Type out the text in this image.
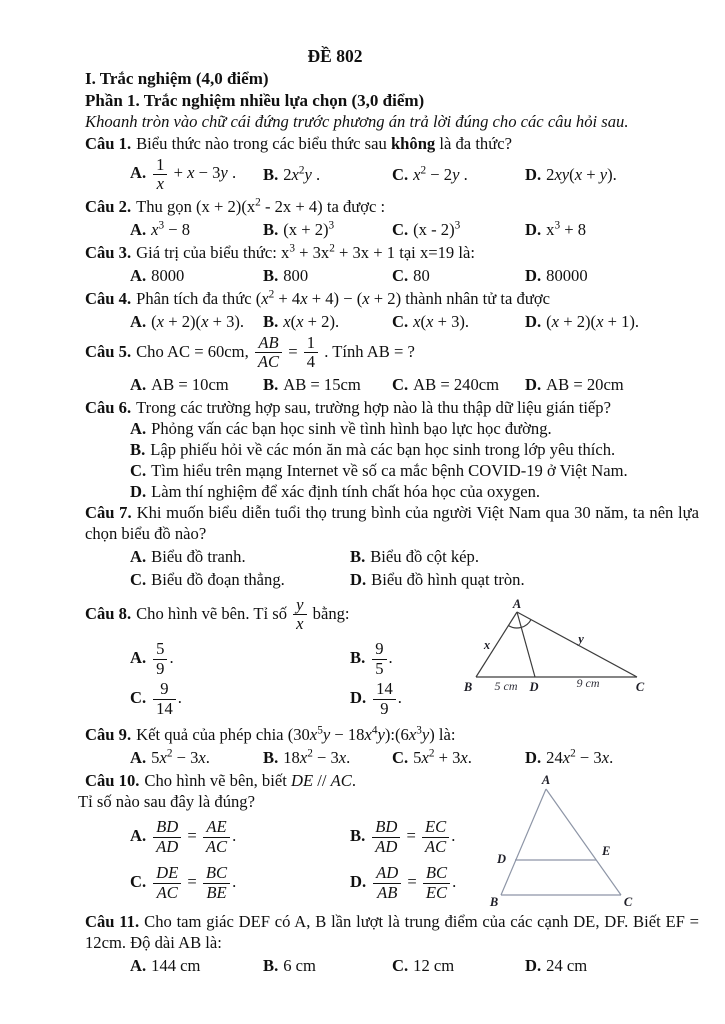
ĐỀ 802
I. Trắc nghiệm (4,0 điểm)
Phần 1. Trắc nghiệm nhiều lựa chọn (3,0 điểm)
Khoanh tròn vào chữ cái đứng trước phương án trả lời đúng cho các câu hỏi sau.

Câu 1. Biểu thức nào trong các biểu thức sau không là đa thức?

A. $\frac{1}{x} + x - 3y$ .	B. $2x^2y$ .	C. $x^2 - 2y$ .	D. 2xy(x + y).

Câu 2. Thu gọn $(x + 2)(x^2 - 2x + 4)$ ta được :

A. $x^3 - 8$	B. $(x + 2)^3$	C. (x - 2)$^3$	D. $x^3 + 8$

Câu 3. Giá trị của biểu thức: $x^3 + 3x^2 + 3x + 1$ tại x=19 là:

A. 8000	B. 800	C. 80	D. 80000

Câu 4. Phân tích đa thức $(x^2 + 4x + 4) - (x + 2)$ thành nhân tử ta được

A. (x + 2)(x + 3).	B. x(x + 2).	C. x(x + 3).	D. (x + 2)(x + 1).

Câu 5. Cho AC = 60cm, $\frac{AB}{AC} = \frac{1}{4}$ . Tính AB = ?

A. AB = 10cm	B. AB = 15cm	C. AB = 240cm	D. AB = 20cm

Câu 6. Trong các trường hợp sau, trường hợp nào là thu thập dữ liệu gián tiếp?

A. Phỏng vấn các bạn học sinh về tình hình bạo lực học đường.
B. Lập phiếu hỏi về các món ăn mà các bạn học sinh trong lớp yêu thích.
C. Tìm hiểu trên mạng Internet về số ca mắc bệnh COVID-19 ở Việt Nam.
D. Làm thí nghiệm để xác định tính chất hóa học của oxygen.

Câu 7. Khi muốn biểu diễn tuổi thọ trung bình của người Việt Nam qua 30 năm, ta nên lựa chọn biểu đồ nào?

A. Biểu đồ tranh.	B. Biểu đồ cột kép.
C. Biểu đồ đoạn thẳng.	D. Biểu đồ hình quạt tròn.

Câu 8. Cho hình vẽ bên. Tỉ số $\frac{y}{x}$ bằng:

A. $\frac{5}{9}$ .	B. $\frac{9}{5}$ .
C. $\frac{9}{14}$ .	D. $\frac{14}{9}$ .
A
B	C
D
x	y
5 cm	9 cm

Câu 9. Kết quả của phép chia ($30x^5y$ − $18x^4y):(6x^3y)$ là:

A. $5x^2 - 3x$.	B. $18x^2 - 3x$.	C. $5x^2 + 3x$.	D. $24x^2 - 3x$.

Câu 10. Cho hình vẽ bên, biết DE // AC.

Tỉ số nào sau đây là đúng?

A. $\frac{BD}{AD} = \frac{AE}{AC}$ .	B. $\frac{BD}{AD} = \frac{EC}{AC}$ .
C. $\frac{DE}{AC} = \frac{BC}{BE}$ .	D. $\frac{AD}{AB} = \frac{BC}{EC}$ .
A
B	C
D
E

Câu 11. Cho tam giác DEF có A, B lần lượt là trung điểm của các cạnh DE, DF. Biết EF = 12cm. Độ dài AB là:

A. 144 cm	B. 6 cm	C. 12 cm	D. 24 cm
